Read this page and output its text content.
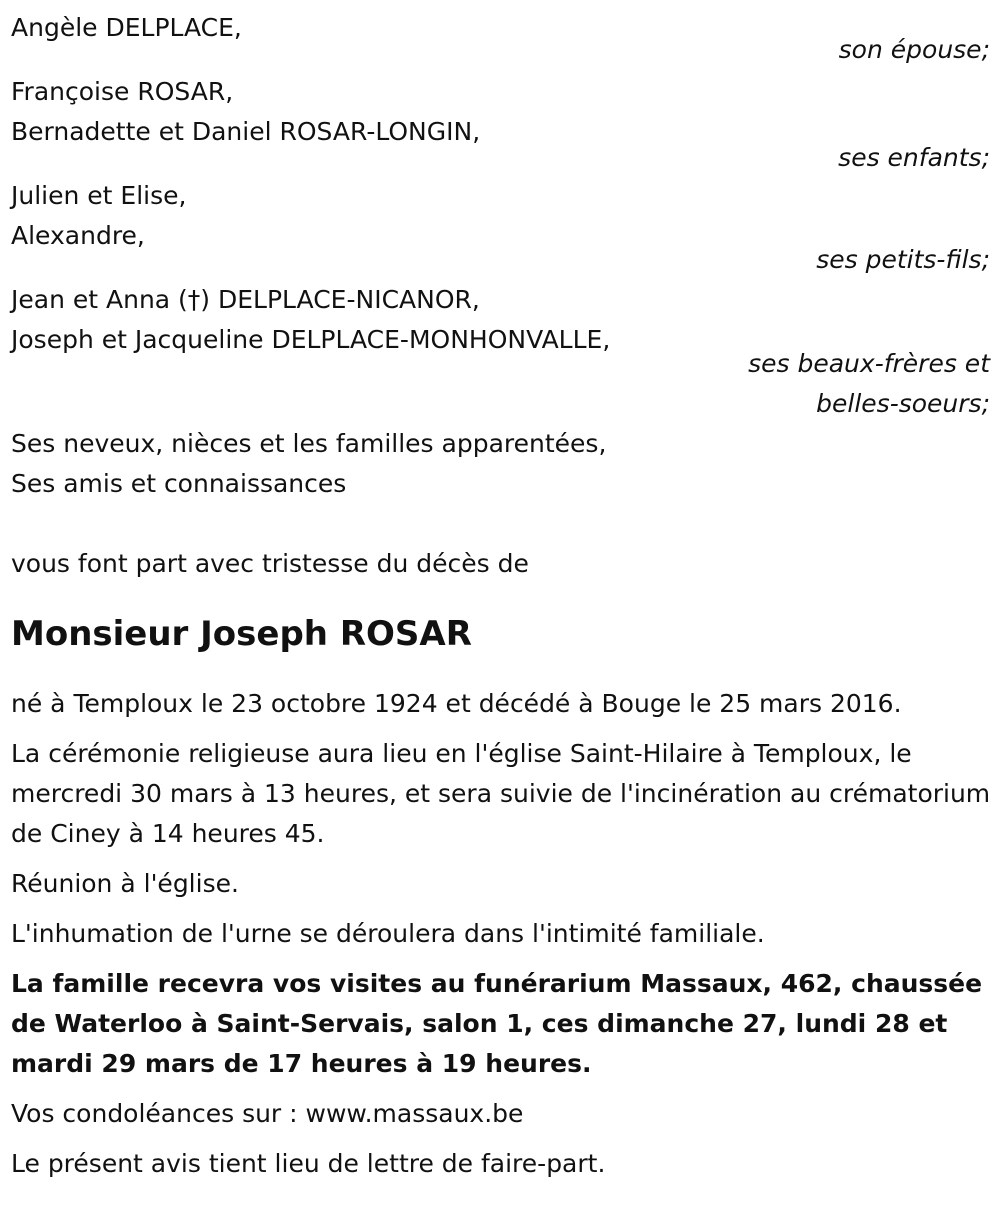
Angèle DELPLACE,
son épouse;
Françoise ROSAR,
Bernadette et Daniel ROSAR-LONGIN,
ses enfants;
Julien et Elise,
Alexandre,
ses petits-fils;
Jean et Anna (†) DELPLACE-NICANOR,
Joseph et Jacqueline DELPLACE-MONHONVALLE,
ses beaux-frères et
belles-soeurs;
Ses neveux, nièces et les familles apparentées,
Ses amis et connaissances
vous font part avec tristesse du décès de
Monsieur Joseph ROSAR
né à Temploux le 23 octobre 1924 et décédé à Bouge le 25 mars 2016.
La cérémonie religieuse aura lieu en l'église Saint-Hilaire à Temploux, le mercredi 30 mars à 13 heures, et sera suivie de l'incinération au crématorium de Ciney à 14 heures 45.
Réunion à l'église.
L'inhumation de l'urne se déroulera dans l'intimité familiale.
La famille recevra vos visites au funérarium Massaux, 462, chaussée de Waterloo à Saint-Servais, salon 1, ces dimanche 27, lundi 28 et mardi 29 mars de 17 heures à 19 heures.
Vos condoléances sur : www.massaux.be
Le présent avis tient lieu de lettre de faire-part.
